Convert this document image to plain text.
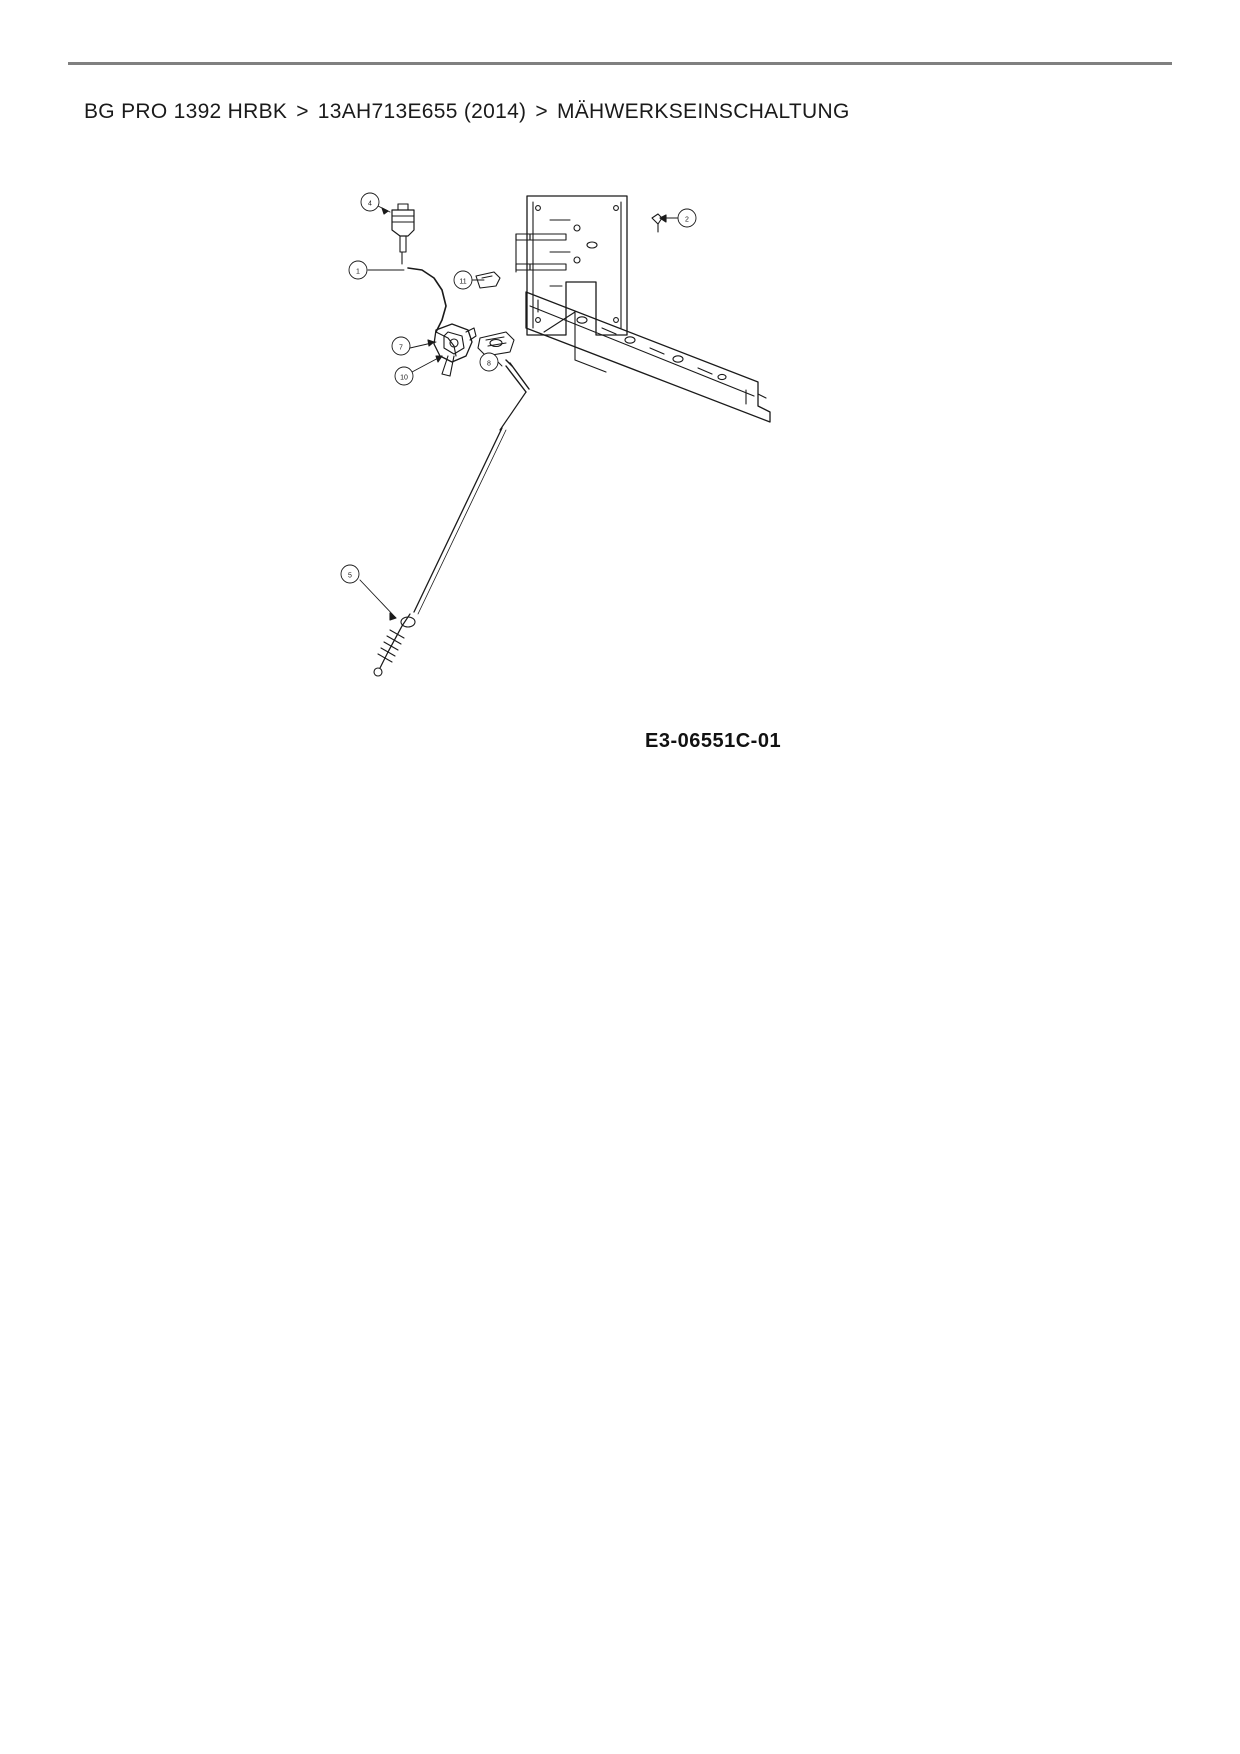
BG PRO 1392 HRBK > 13AH713E655 (2014) > MÄHWERKSEINSCHALTUNG
4
1
11
7
10
8
2
5
E3-06551C-01
